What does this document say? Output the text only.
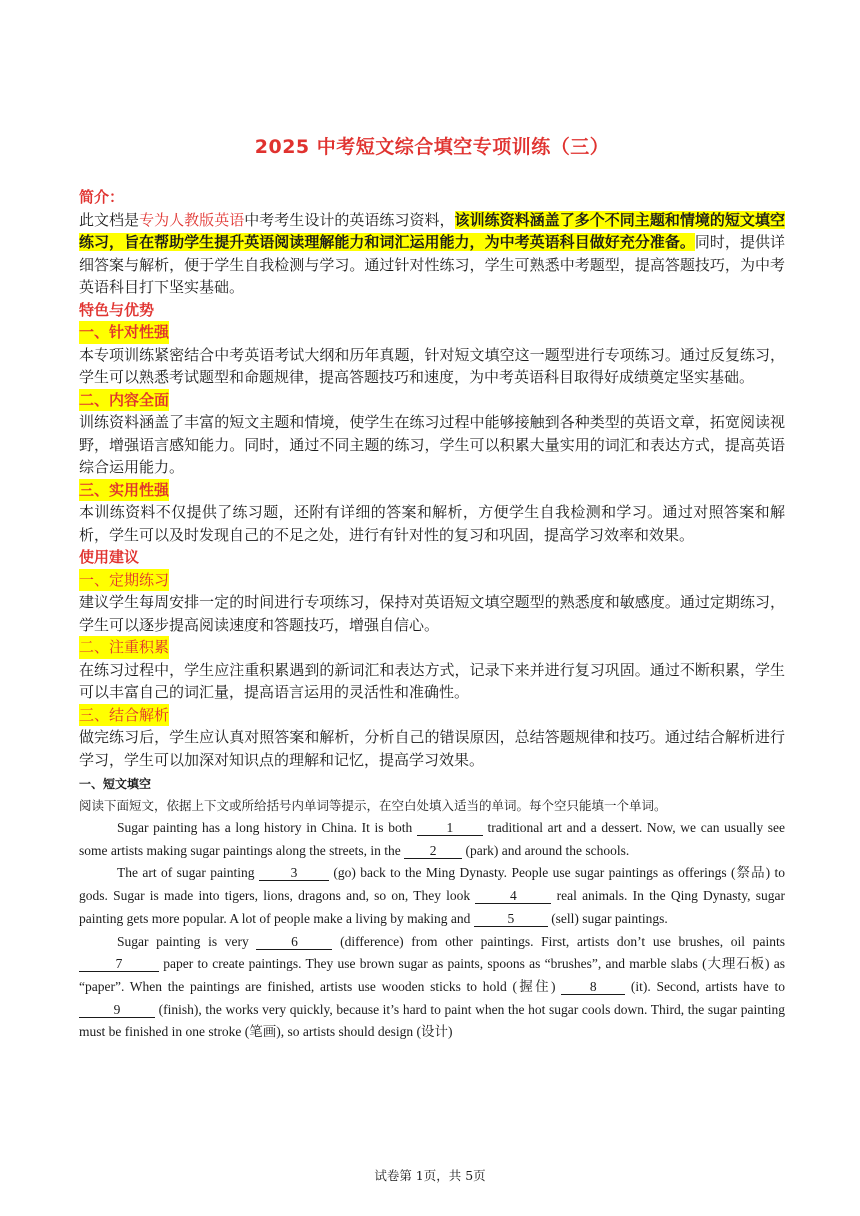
2025 中考短文综合填空专项训练（三）
简介：

此文档是专为人教版英语中考考生设计的英语练习资料，该训练资料涵盖了多个不同主题和情境的短文填空练习，旨在帮助学生提升英语阅读理解能力和词汇运用能力，为中考英语科目做好充分准备。同时，提供详细答案与解析，便于学生自我检测与学习。通过针对性练习，学生可熟悉中考题型，提高答题技巧，为中考英语科目打下坚实基础。

特色与优势
一、针对性强

本专项训练紧密结合中考英语考试大纲和历年真题，针对短文填空这一题型进行专项练习。通过反复练习，学生可以熟悉考试题型和命题规律，提高答题技巧和速度，为中考英语科目取得好成绩奠定坚实基础。

二、内容全面

训练资料涵盖了丰富的短文主题和情境，使学生在练习过程中能够接触到各种类型的英语文章，拓宽阅读视野，增强语言感知能力。同时，通过不同主题的练习，学生可以积累大量实用的词汇和表达方式，提高英语综合运用能力。

三、实用性强

本训练资料不仅提供了练习题，还附有详细的答案和解析，方便学生自我检测和学习。通过对照答案和解析，学生可以及时发现自己的不足之处，进行有针对性的复习和巩固，提高学习效率和效果。

使用建议
一、定期练习

建议学生每周安排一定的时间进行专项练习，保持对英语短文填空题型的熟悉度和敏感度。通过定期练习，学生可以逐步提高阅读速度和答题技巧，增强自信心。

二、注重积累

在练习过程中，学生应注重积累遇到的新词汇和表达方式，记录下来并进行复习巩固。通过不断积累，学生可以丰富自己的词汇量，提高语言运用的灵活性和准确性。

三、结合解析

做完练习后，学生应认真对照答案和解析，分析自己的错误原因，总结答题规律和技巧。通过结合解析进行学习，学生可以加深对知识点的理解和记忆，提高学习效果。

一、短文填空
阅读下面短文，依据上下文或所给括号内单词等提示，在空白处填入适当的单词。每个空只能填一个单词。

Sugar painting has a long history in China. It is both 1 traditional art and a dessert. Now, we can usually see some artists making sugar paintings along the streets, in the 2 (park) and around the schools.

The art of sugar painting 3 (go) back to the Ming Dynasty. People use sugar paintings as offerings (祭品) to gods. Sugar is made into tigers, lions, dragons and, so on, They look	4	real animals. In the Qing Dynasty, sugar painting gets more popular. A lot of people make a living by making and 5 (sell) sugar paintings.

Sugar painting is very	6	(difference) from other paintings. First, artists don’t use brushes, oil paints 7	paper to create paintings. They use brown sugar as paints, spoons as “brushes”, and marble slabs (大理石板) as “paper”. When the paintings are finished, artists use wooden sticks to hold (握住) 8 (it). Second, artists have to 9	(finish), the works very quickly, because it’s hard to paint when the hot sugar cools down. Third, the sugar painting must be finished in one stroke (笔画), so artists should design (设计)

试卷第 1页，共 5页
